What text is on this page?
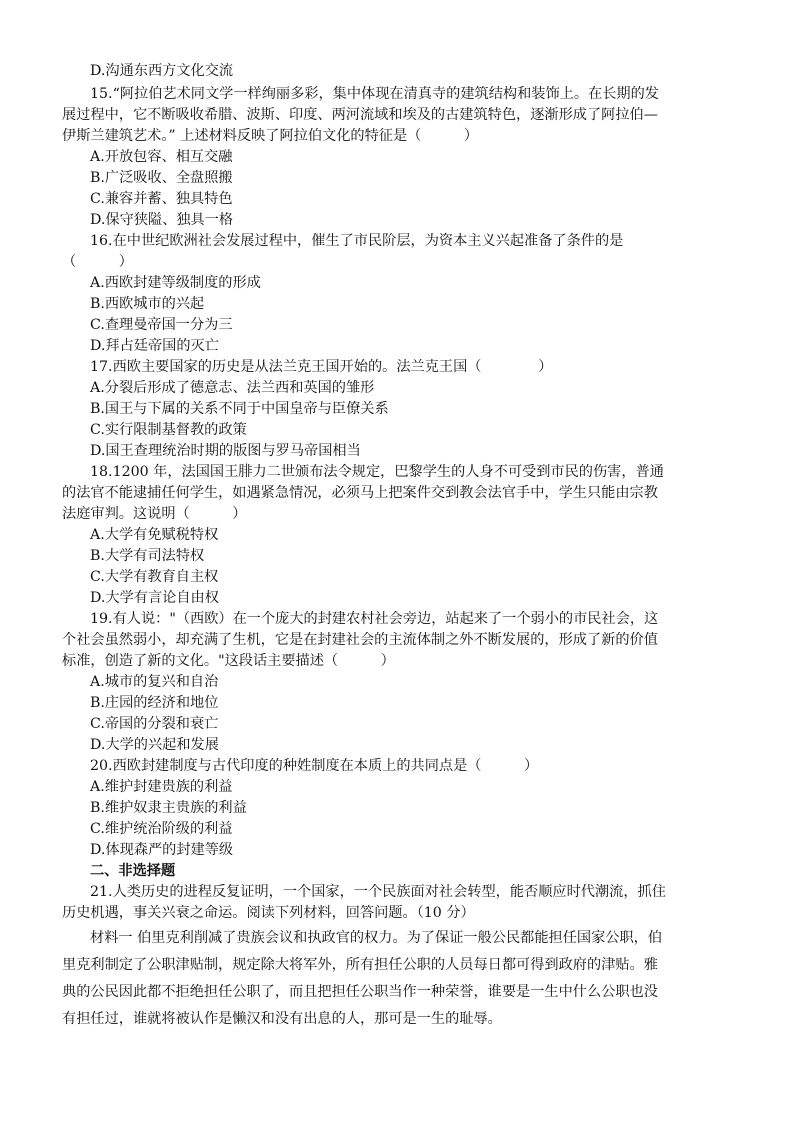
D.沟通东西方文化交流
15.“阿拉伯艺术同文学一样绚丽多彩，集中体现在清真寺的建筑结构和装饰上。在长期的发
展过程中，它不断吸收希腊、波斯、印度、两河流域和埃及的古建筑特色，逐渐形成了阿拉伯—
伊斯兰建筑艺术。” 上述材料反映了阿拉伯文化的特征是（　　　）
A.开放包容、相互交融
B.广泛吸收、全盘照搬
C.兼容并蓄、独具特色
D.保守狭隘、独具一格
16.在中世纪欧洲社会发展过程中，催生了市民阶层，为资本主义兴起准备了条件的是
（　　　）
A.西欧封建等级制度的形成
B.西欧城市的兴起
C.查理曼帝国一分为三
D.拜占廷帝国的灭亡
17.西欧主要国家的历史是从法兰克王国开始的。法兰克王国（　　　　）
A.分裂后形成了德意志、法兰西和英国的雏形
B.国王与下属的关系不同于中国皇帝与臣僚关系
C.实行限制基督教的政策
D.国王查理统治时期的版图与罗马帝国相当
18.1200 年，法国国王腓力二世颁布法令规定，巴黎学生的人身不可受到市民的伤害，普通
的法官不能逮捕任何学生，如遇紧急情况，必须马上把案件交到教会法官手中，学生只能由宗教
法庭审判。这说明（　　　）
A.大学有免赋税特权
B.大学有司法特权
C.大学有教育自主权
D.大学有言论自由权
19.有人说："（西欧）在一个庞大的封建农村社会旁边，站起来了一个弱小的市民社会，这
个社会虽然弱小，却充满了生机，它是在封建社会的主流体制之外不断发展的，形成了新的价值
标准，创造了新的文化。"这段话主要描述（　　　）
A.城市的复兴和自治
B.庄园的经济和地位
C.帝国的分裂和衰亡
D.大学的兴起和发展
20.西欧封建制度与古代印度的种姓制度在本质上的共同点是（　　　）
A.维护封建贵族的利益
B.维护奴隶主贵族的利益
C.维护统治阶级的利益
D.体现森严的封建等级
二、非选择题
21.人类历史的进程反复证明，一个国家，一个民族面对社会转型，能否顺应时代潮流，抓住
历史机遇，事关兴衰之命运。阅读下列材料，回答问题。（10 分）
材料一 伯里克利削减了贵族会议和执政官的权力。为了保证一般公民都能担任国家公职，伯
里克利制定了公职津贴制，规定除大将军外，所有担任公职的人员每日都可得到政府的津贴。雅
典的公民因此都不拒绝担任公职了，而且把担任公职当作一种荣誉，谁要是一生中什么公职也没
有担任过，谁就将被认作是懒汉和没有出息的人，那可是一生的耻辱。
